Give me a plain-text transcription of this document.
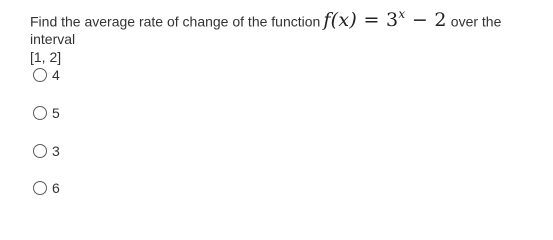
Find the average rate of change of the function $f(x) = 3^x - 2$ over the interval
[1, 2]
4
5
3
6
